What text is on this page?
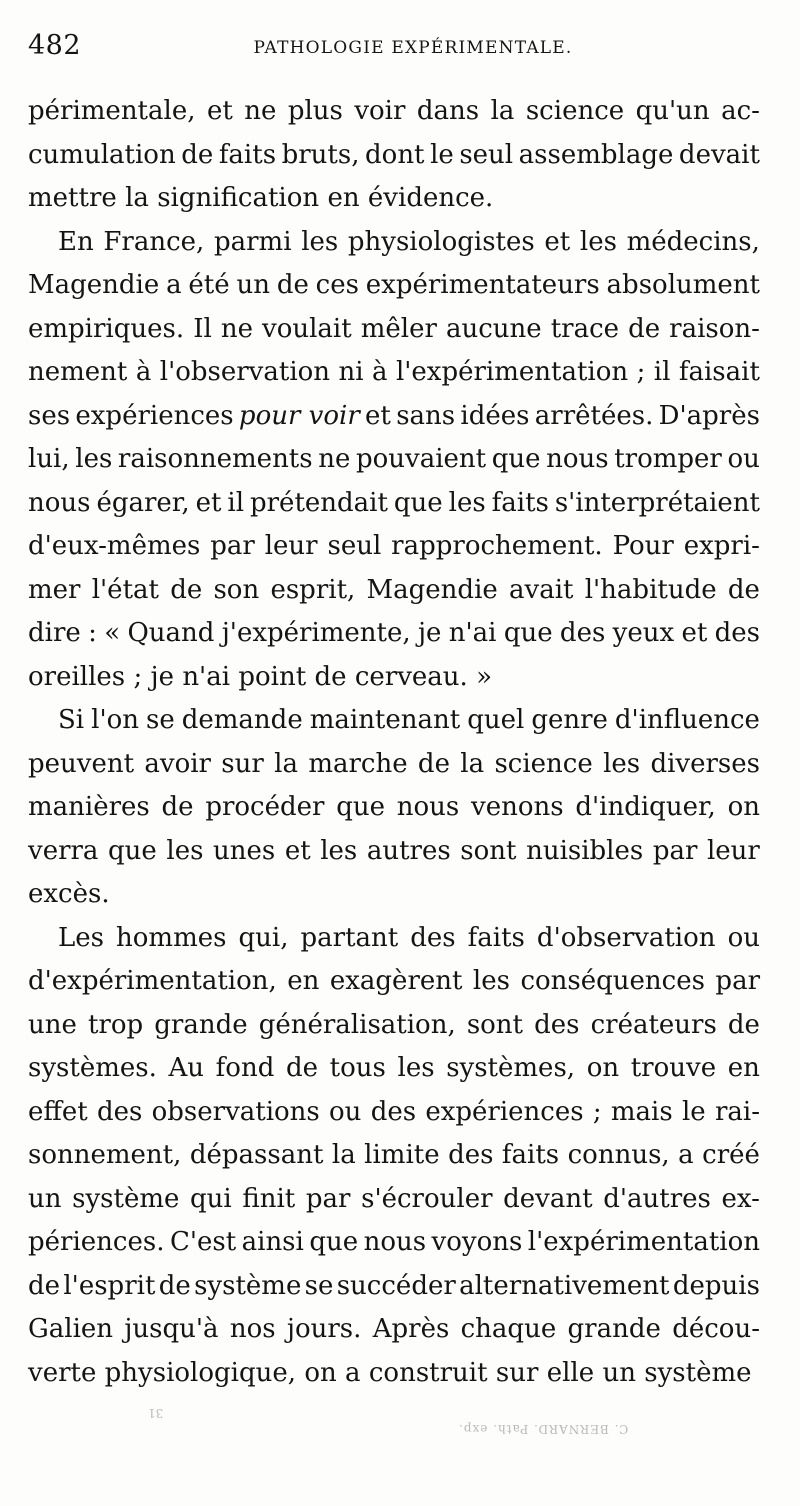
482	PATHOLOGIE EXPÉRIMENTALE.
périmentale, et ne plus voir dans la science qu'un ac-
cumulation de faits bruts, dont le seul assemblage devait
mettre la signification en évidence.
En France, parmi les physiologistes et les médecins,
Magendie a été un de ces expérimentateurs absolument
empiriques. Il ne voulait mêler aucune trace de raison-
nement à l'observation ni à l'expérimentation ; il faisait
ses expériences pour voir et sans idées arrêtées. D'après
lui, les raisonnements ne pouvaient que nous tromper ou
nous égarer, et il prétendait que les faits s'interprétaient
d'eux-mêmes par leur seul rapprochement. Pour expri-
mer l'état de son esprit, Magendie avait l'habitude de
dire : « Quand j'expérimente, je n'ai que des yeux et des
oreilles ; je n'ai point de cerveau. »
Si l'on se demande maintenant quel genre d'influence
peuvent avoir sur la marche de la science les diverses
manières de procéder que nous venons d'indiquer, on
verra que les unes et les autres sont nuisibles par leur
excès.
Les hommes qui, partant des faits d'observation ou
d'expérimentation, en exagèrent les conséquences par
une trop grande généralisation, sont des créateurs de
systèmes. Au fond de tous les systèmes, on trouve en
effet des observations ou des expériences ; mais le rai-
sonnement, dépassant la limite des faits connus, a créé
un système qui finit par s'écrouler devant d'autres ex-
périences. C'est ainsi que nous voyons l'expérimentation
de l'esprit de système se succéder alternativement depuis
Galien jusqu'à nos jours. Après chaque grande décou-
verte physiologique, on a construit sur elle un système
31
C. BERNARD. Path. exp.
